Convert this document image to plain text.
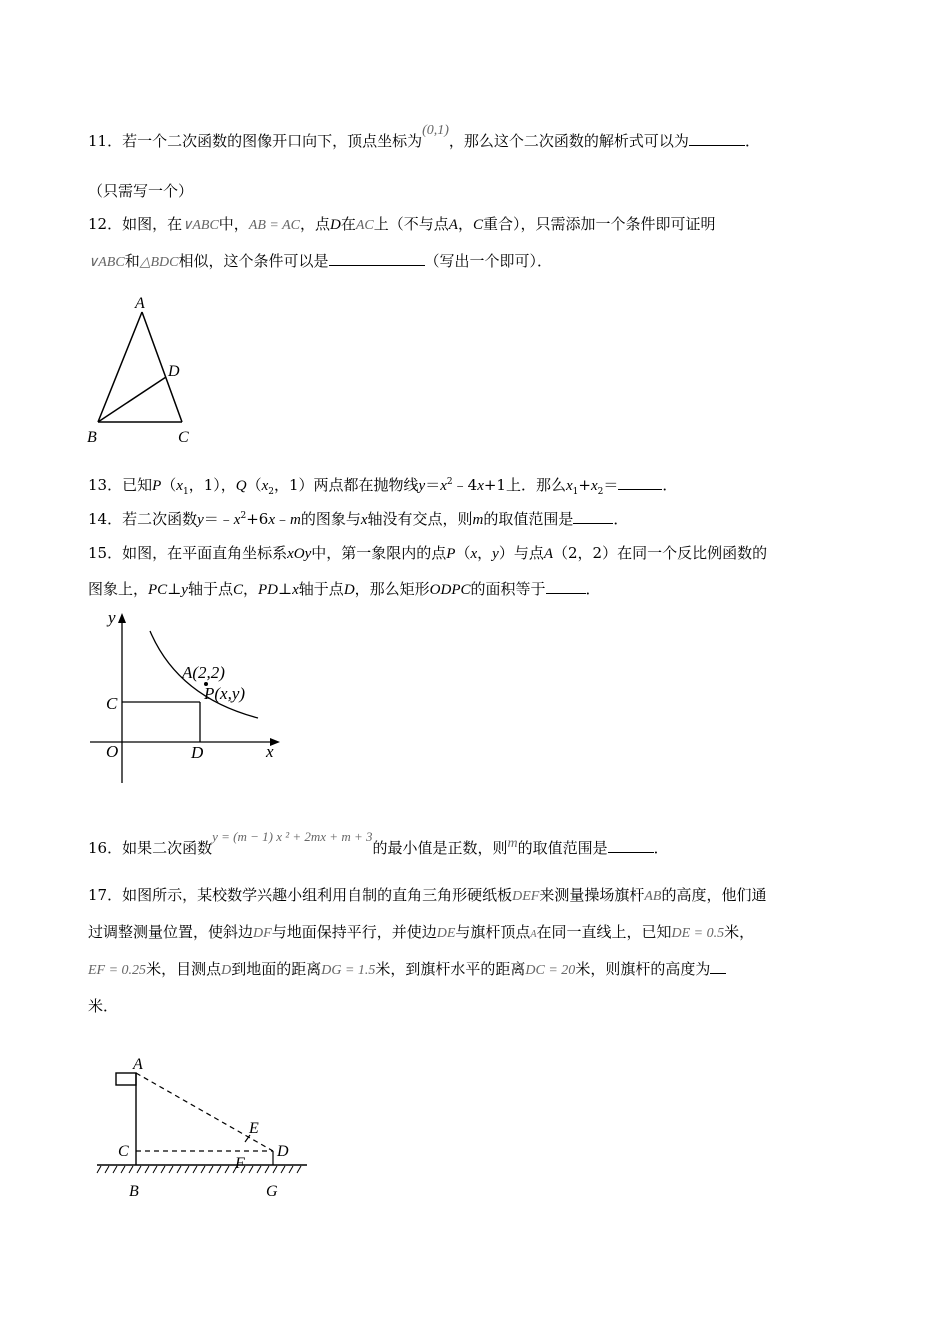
11．若一个二次函数的图像开口向下，顶点坐标为(0,1)，那么这个二次函数的解析式可以为	．
（只需写一个）
12．如图，在∨ABC中，AB = AC，点D在AC上（不与点A，C重合），只需添加一个条件即可证明
∨ABC和△BDC相似，这个条件可以是	（写出一个即可）．
A
B	C
D
13．已知$P(x_1$，1），$Q(x_2$，1）两点都在抛物线$y=x^2﹣4x+1$上．那么$x_1+x_2=$	．
14．若二次函数$y=﹣x^2+6x﹣m$的图象与x轴没有交点，则m的取值范围是	．
15．如图，在平面直角坐标系xOy中，第一象限内的点P（x，y）与点A（2，2）在同一个反比例函数的
图象上，PC⊥y轴于点C，PD⊥x轴于点D，那么矩形ODPC的面积等于	．
y
x
O
C
D
A(2,2)
P(x,y)
16．如果二次函数y = (m − 1) x ² + 2mx + m + 3的最小值是正数，则m的取值范围是	．
17．如图所示，某校数学兴趣小组利用自制的直角三角形硬纸板DEF来测量操场旗杆AB的高度，他们通
过调整测量位置，使斜边DF与地面保持平行，并使边DE与旗杆顶点A在同一直线上，已知DE = 0.5米，
EF = 0.25米，目测点D到地面的距离DG = 1.5米，到旗杆水平的距离DC = 20米，则旗杆的高度为
米．
A
C
B
E
F
D
G
